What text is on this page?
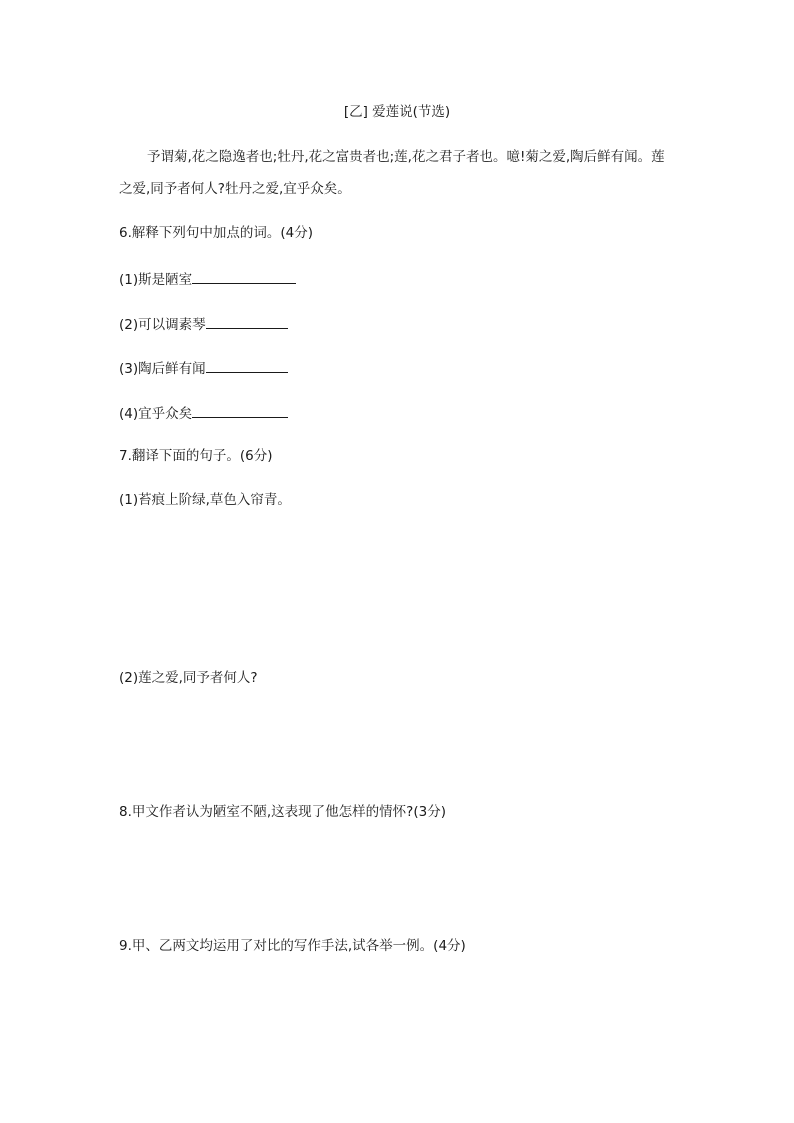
[乙] 爱莲说(节选)
予谓菊,花之隐逸者也;牡丹,花之富贵者也;莲,花之君子者也。噫!菊之爱,陶后鲜有闻。莲
之爱,同予者何人?牡丹之爱,宜乎众矣。
6.解释下列句中加点的词。(4分)
(1)斯是陋室
(2)可以调素琴
(3)陶后鲜有闻
(4)宜乎众矣
7.翻译下面的句子。(6分)
(1)苔痕上阶绿,草色入帘青。
(2)莲之爱,同予者何人?
8.甲文作者认为陋室不陋,这表现了他怎样的情怀?(3分)
9.甲、乙两文均运用了对比的写作手法,试各举一例。(4分)
